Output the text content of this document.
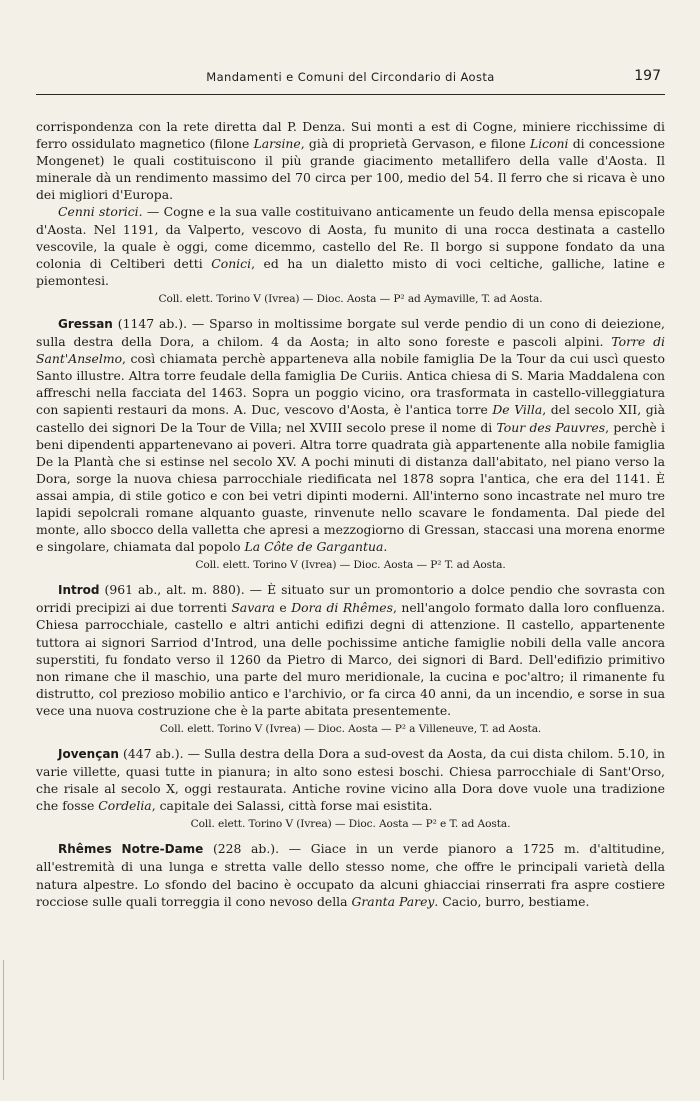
Mandamenti e Comuni del Circondario di Aosta	197

corrispondenza con la rete diretta dal P. Denza. Sui monti a est di Cogne, miniere ricchissime di ferro ossidulato magnetico (filone Larsine, già di proprietà Gervason, e filone Liconi di concessione Mongenet) le quali costituiscono il più grande giacimento metallifero della valle d'Aosta. Il minerale dà un rendimento massimo del 70 circa per 100, medio del 54. Il ferro che si ricava è uno dei migliori d'Europa.

Cenni storici. — Cogne e la sua valle costituivano anticamente un feudo della mensa episcopale d'Aosta. Nel 1191, da Valperto, vescovo di Aosta, fu munito di una rocca destinata a castello vescovile, la quale è oggi, come dicemmo, castello del Re. Il borgo si suppone fondato da una colonia di Celtiberi detti Conici, ed ha un dialetto misto di voci celtiche, galliche, latine e piemontesi.

Coll. elett. Torino V (Ivrea) — Dioc. Aosta — P² ad Aymaville, T. ad Aosta.

Gressan (1147 ab.). — Sparso in moltissime borgate sul verde pendio di un cono di deiezione, sulla destra della Dora, a chilom. 4 da Aosta; in alto sono foreste e pascoli alpini. Torre di Sant'Anselmo, così chiamata perchè apparteneva alla nobile famiglia De la Tour da cui uscì questo Santo illustre. Altra torre feudale della famiglia De Curiis. Antica chiesa di S. Maria Maddalena con affreschi nella facciata del 1463. Sopra un poggio vicino, ora trasformata in castello-villeggiatura con sapienti restauri da mons. A. Duc, vescovo d'Aosta, è l'antica torre De Villa, del secolo XII, già castello dei signori De la Tour de Villa; nel XVIII secolo prese il nome di Tour des Pauvres, perchè i beni dipendenti appartenevano ai poveri. Altra torre quadrata già appartenente alla nobile famiglia De la Plantà che si estinse nel secolo XV. A pochi minuti di distanza dall'abitato, nel piano verso la Dora, sorge la nuova chiesa parrocchiale riedificata nel 1878 sopra l'antica, che era del 1141. È assai ampia, di stile gotico e con bei vetri dipinti moderni. All'interno sono incastrate nel muro tre lapidi sepolcrali romane alquanto guaste, rinvenute nello scavare le fondamenta. Dal piede del monte, allo sbocco della valletta che apresi a mezzogiorno di Gressan, staccasi una morena enorme e singolare, chiamata dal popolo La Côte de Gargantua.

Coll. elett. Torino V (Ivrea) — Dioc. Aosta — P² T. ad Aosta.

Introd (961 ab., alt. m. 880). — È situato sur un promontorio a dolce pendio che sovrasta con orridi precipizi ai due torrenti Savara e Dora di Rhêmes, nell'angolo formato dalla loro confluenza. Chiesa parrocchiale, castello e altri antichi edifizi degni di attenzione. Il castello, appartenente tuttora ai signori Sarriod d'Introd, una delle pochissime antiche famiglie nobili della valle ancora superstiti, fu fondato verso il 1260 da Pietro di Marco, dei signori di Bard. Dell'edifizio primitivo non rimane che il maschio, una parte del muro meridionale, la cucina e poc'altro; il rimanente fu distrutto, col prezioso mobilio antico e l'archivio, or fa circa 40 anni, da un incendio, e sorse in sua vece una nuova costruzione che è la parte abitata presentemente.

Coll. elett. Torino V (Ivrea) — Dioc. Aosta — P² a Villeneuve, T. ad Aosta.

Jovençan (447 ab.). — Sulla destra della Dora a sud-ovest da Aosta, da cui dista chilom. 5.10, in varie villette, quasi tutte in pianura; in alto sono estesi boschi. Chiesa parrocchiale di Sant'Orso, che risale al secolo X, oggi restaurata. Antiche rovine vicino alla Dora dove vuole una tradizione che fosse Cordelia, capitale dei Salassi, città forse mai esistita.

Coll. elett. Torino V (Ivrea) — Dioc. Aosta — P² e T. ad Aosta.

Rhêmes Notre-Dame (228 ab.). — Giace in un verde pianoro a 1725 m. d'altitudine, all'estremità di una lunga e stretta valle dello stesso nome, che offre le principali varietà della natura alpestre. Lo sfondo del bacino è occupato da alcuni ghiacciai rinserrati fra aspre costiere rocciose sulle quali torreggia il cono nevoso della Granta Parey. Cacio, burro, bestiame.
